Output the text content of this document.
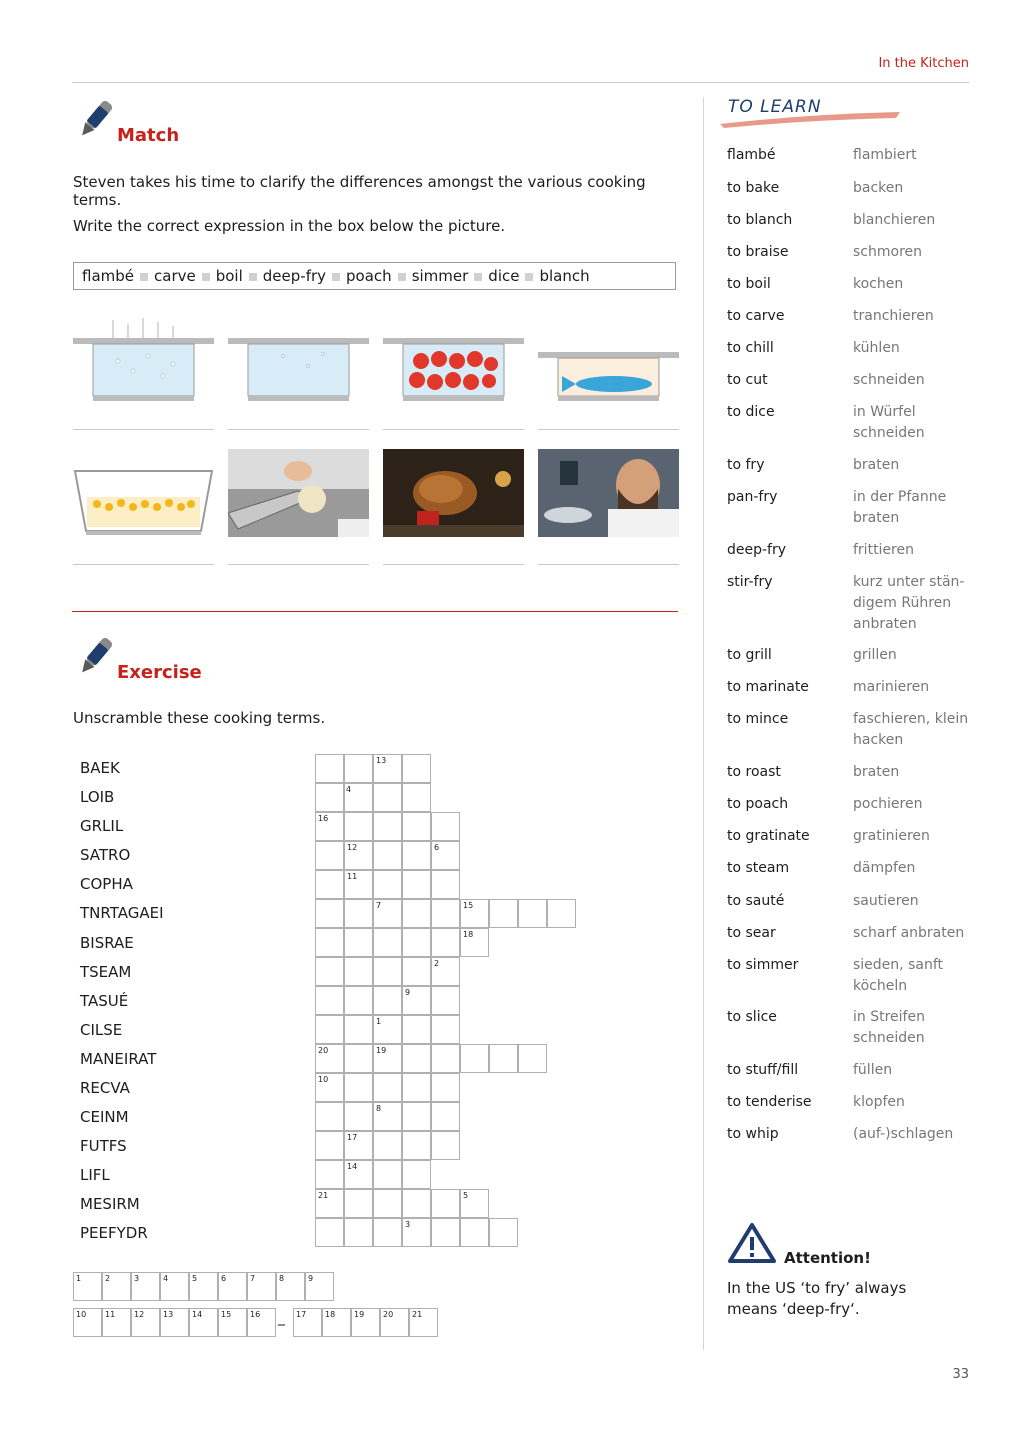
In the Kitchen
Match
Steven takes his time to clarify the differences amongst the various cooking terms.
Write the correct expression in the box below the picture.
flambé carve boil deep-fry poach simmer dice blanch
Exercise
Unscramble these cooking terms.
BAEK
LOIB
GRLIL
SATRO
COPHA
TNRTAGAEI
BISRAE
TSEAM
TASUÉ
CILSE
MANEIRAT
RECVA
CEINM
FUTFS
LIFL
MESIRM
PEEFYDR
13
4
16
12	6
11
7	15
18
2
9
1
20	19
10
8
17
14
21	5
3
1	2	3	4	5	6	7	8	9
10 11 12 13 14 15 16	17 18 19 20 21
_
TO LEARN
flambé	flambiert
to bake	backen
to blanch	blanchieren
to braise	schmoren
to boil	kochen
to carve	tranchieren
to chill	kühlen
to cut	schneiden
to dice	in Würfel schneiden
to fry	braten
pan-fry	in der Pfanne braten
deep-fry	frittieren
stir-fry	kurz unter stän-digem Rühren anbraten
to grill	grillen
to marinate	marinieren
to mince	faschieren, klein hacken
to roast	braten
to poach	pochieren
to gratinate	gratinieren
to steam	dämpfen
to sauté	sautieren
to sear	scharf anbraten
to simmer	sieden, sanft köcheln
to slice	in Streifen schneiden
to stuff/fill	füllen
to tenderise	klopfen
to whip	(auf-)schlagen
Attention!
In the US ‘to fry’ always means ‘deep-fry‘.
33
